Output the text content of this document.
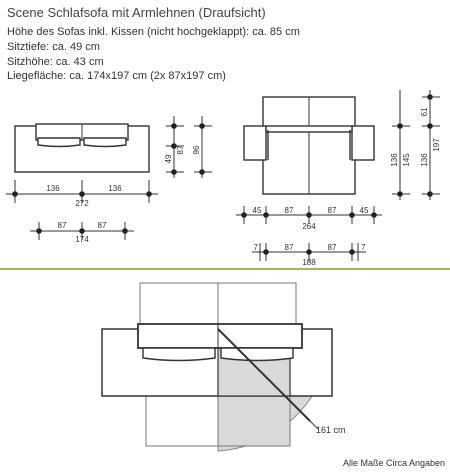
Scene Schlafsofa mit Armlehnen (Draufsicht)
Höhe des Sofas inkl. Kissen (nicht hochgeklappt): ca. 85 cm
Sitztiefe: ca. 49 cm
Sitzhöhe: ca. 43 cm
Liegefläche: ca. 174x197 cm (2x 87x197 cm)
136	136
272
87	87
174
49
87 96
45	87	87	45
264
7	87	87	7
188
136 145
61
136
197
161 cm
Alle Maße Circa Angaben
